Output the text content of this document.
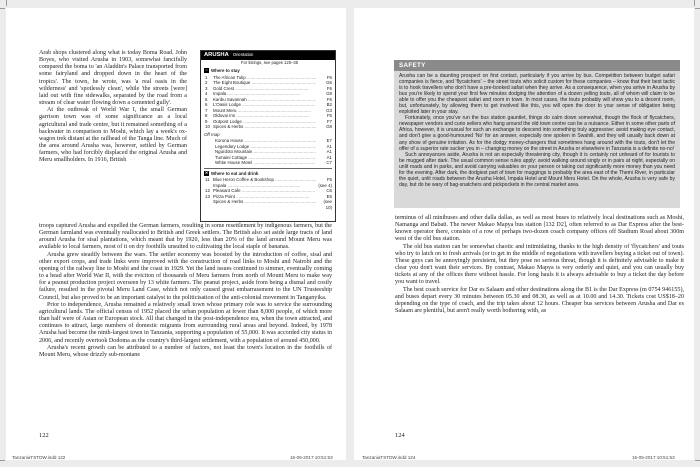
Arab shops clustered along what is today Boma Road. John Boyes, who visited Arusha in 1903, somewhat fancifully compared the boma to 'an Aladdin's Palace transported from some fairyland and dropped down in the heart of the tropics'. The town, he wrote, was 'a real oasis in the wilderness' and 'spotlessly clean', while 'the streets [were] laid out with fine sidewalks, separated by the road from a stream of clear water flowing down a cemented gully'.

At the outbreak of World War I, the small German garrison town was of some significance as a local agricultural and trade centre, but it remained something of a backwater in comparison to Moshi, which lay a week's ox-wagon trek distant at the railhead of the Tanga line. Much of the area around Arusha was, however, settled by German farmers, who had forcibly displaced the original Arusha and Meru smallholders. In 1916, British

ARUSHA Orientation
For listings, see pages 125–35
⌂ Where to stay
1	The African Tulip .....	F6
2	The Eight Boutique .....	G6
3	Gold Crest .....	F6
4	Impala .....	G8
5	Karibu Savannah .....	F6
6	L'Oasis Lodge .....	B2
7	Mount Meru .....	G3
8	Olduvai Inn .....	F5
9	Outpost Lodge .....	F7
10 Spices & Herbs .....	G8
Off map
Korona House .....	E7
Legendary Lodge .....	A1
Ngurdoto Mountain .....	A1
Tumaini Cottage .....	A1
White House Motel .....	C7
✕ Where to eat and drink
11 Blue Heron Coffee & Bookshop .....	F5
Impala .....	(see 4)
12 Pleasant Cafe .....	C6
13 Pizza Point .....	E5
Spices & Herbs .....	(see 10)

troops captured Arusha and expelled the German farmers, resulting in some resettlement by indigenous farmers, but the German farmland was eventually reallocated to British and Greek settlers. The British also set aside large tracts of land around Arusha for sisal plantations, which meant that by 1920, less than 20% of the land around Mount Meru was available to local farmers, most of it on dry foothills unsuited to cultivating the local staple of bananas.

Arusha grew steadily between the wars. The settler economy was boosted by the introduction of coffee, sisal and other export crops, and trade links were improved with the construction of road links to Moshi and Nairobi and the opening of the railway line to Moshi and the coast in 1929. Yet the land issues continued to simmer, eventually coming to a head after World War II, with the eviction of thousands of Meru farmers from north of Mount Meru to make way for a peanut production project overseen by 13 white farmers. The peanut project, aside from being a dismal and costly failure, resulted in the pivotal Meru Land Case, which not only caused great embarrassment to the UN Trusteeship Council, but also proved to be an important catalyst to the politicisation of the anti-colonial movement in Tanganyika.

Prior to independence, Arusha remained a relatively small town whose primary role was to service the surrounding agricultural lands. The official census of 1952 placed the urban population at fewer than 8,000 people, of which more than half were of Asian or European stock. All that changed in the post-independence era, when the town attracted, and continues to attract, large numbers of domestic migrants from surrounding rural areas and beyond. Indeed, by 1978 Arusha had become the ninth-largest town in Tanzania, supporting a population of 55,000. It was accorded city status in 2006, and recently overtook Dodoma as the country's third-largest settlement, with a population of around 450,000.

Arusha's recent growth can be attributed to a number of factors, not least the town's location in the foothills of Mount Meru, whose drizzly sub-montane

122
SAFETY

Arusha can be a daunting prospect on first contact, particularly if you arrive by bus. Competition between budget safari companies is fierce, and 'flycatchers' – the street touts who solicit custom for these companies – know that their best tactic is to hook travellers who don't have a pre-booked safari when they arrive. As a consequence, when you arrive in Arusha by bus you're likely to spend your first few minutes dodging the attention of a dozen yelling touts, all of whom will claim to be able to offer you the cheapest safari and room in town. In most cases, the touts probably will show you to a decent room, but, unfortunately, by allowing them to get involved like this, you will open the door to your sense of obligation being exploited later in your stay.

Fortunately, once you've run the bus station gauntlet, things do calm down somewhat, though the flock of flycatchers, newspaper vendors and curio sellers who hang around the old town centre can be a nuisance. Either in some other parts of Africa, however, it is unusual for such an exchange to descend into something truly aggressive: avoid making eye contact, and don't give a good-humoured 'No' for an answer, especially one spoken in Swahili, and they will usually back down at any show of genuine irritation. As for the dodgy money-changers that sometimes hang around with the touts, don't let the offer of a superior rate sucker you in – changing money on the street in Arusha or elsewhere in Tanzania is a definite no-no!

Such annoyances aside, Arusha is not an especially threatening city, though it is certainly not unheard of for tourists to be mugged after dark. The usual common sense rules apply: avoid walking around singly or in pairs at night, especially on unlit roads and in parks, and avoid carrying valuables on your person or taking out significantly more money than you need for the evening. After dark, the dodgiest part of town for muggings is probably the area east of the Themi River, in particular the quiet, unlit roads between the Arusha Hotel, Impala Hotel and Mount Meru Hotel. On the whole, Arusha is very safe by day, but do be wary of bag-snatchers and pickpockets in the central market area.

terminus of all minibuses and other dalla dallas, as well as most buses to relatively local destinations such as Moshi, Namanga and Babati. The newer Makao Mapya bus station [132 D2], often referred to as Dar Express after the best-known operator there, consists of a row of perhaps two-dozen coach company offices off Stadium Road about 300m west of the old bus station.

The old bus station can be somewhat chaotic and intimidating, thanks to the high density of 'flycatchers' and touts who try to latch on to fresh arrivals (or to get in the middle of negotiations with travellers buying a ticket out of town). These guys can be annoyingly persistent, but they pose no serious threat, though it is definitely advisable to make it clear you don't want their services. By contrast, Makao Mapya is very orderly and quiet, and you can usually buy tickets at any of the offices there without hassle. For long hauls it is always advisable to buy a ticket the day before you want to travel.

The best coach service for Dar es Salaam and other destinations along the B1 is the Dar Express (m 0754 946155), and buses depart every 30 minutes between 05.30 and 08.30, as well as at 10.00 and 14.30. Tickets cost US$18–20 depending on the type of coach, and the trip takes about 12 hours. Cheaper bus services between Arusha and Dar es Salaam are plentiful, but aren't really worth bothering with, as

124
TanzaniaTSTDW.indd 122	15-05-2017 10:51:53	TanzaniaTSTDW.indd 124	15-05-2017 10:51:53
